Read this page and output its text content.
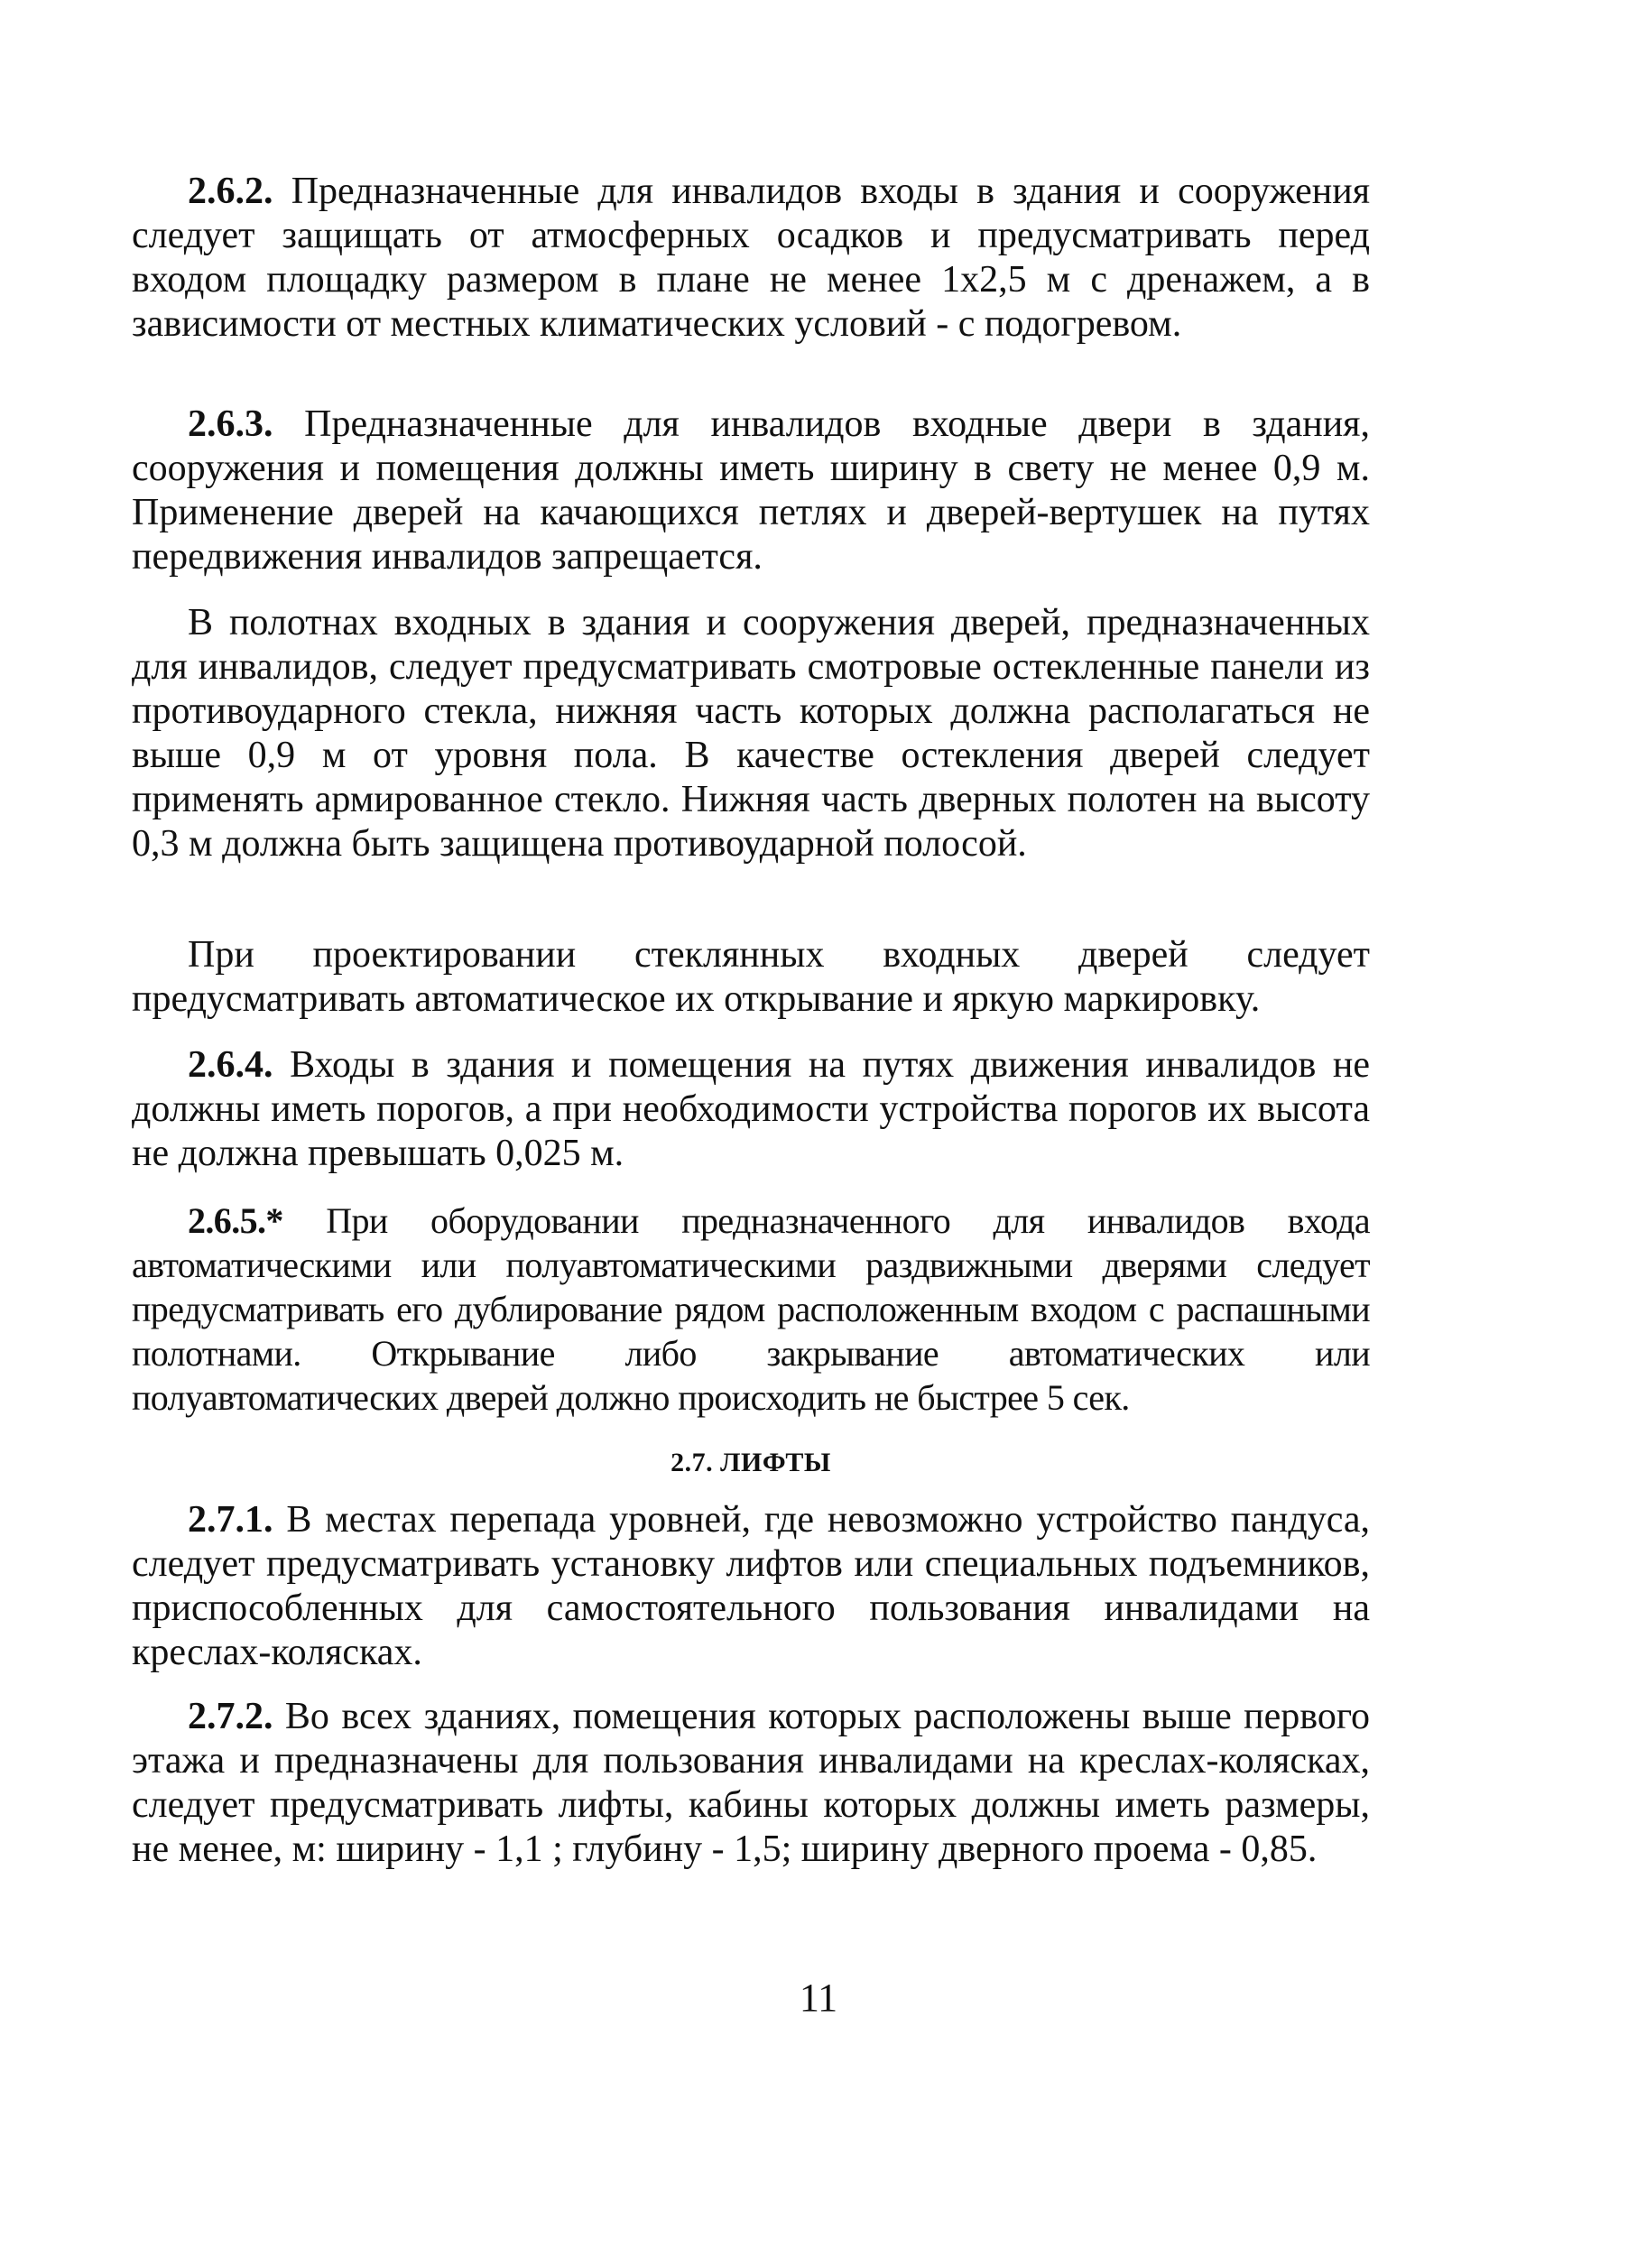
2.6.2. Предназначенные для инвалидов входы в здания и сооружения следует защищать от атмосферных осадков и предусматривать перед входом площадку размером в плане не менее 1х2,5 м с дренажем, а в зависимости от местных климатических условий - с подогревом.

2.6.3. Предназначенные для инвалидов входные двери в здания, сооружения и помещения должны иметь ширину в свету не менее 0,9 м. Применение дверей на качающихся петлях и дверей-вертушек на путях передвижения инвалидов запрещается.

В полотнах входных в здания и сооружения дверей, предназначенных для инвалидов, следует предусматривать смотровые остекленные панели из противоударного стекла, нижняя часть которых должна располагаться не выше 0,9 м от уровня пола. В качестве остекления дверей следует применять армированное стекло. Нижняя часть дверных полотен на высоту 0,3 м должна быть защищена противоударной полосой.

При проектировании стеклянных входных дверей следует предусматривать автоматическое их открывание и яркую маркировку.

2.6.4. Входы в здания и помещения на путях движения инвалидов не должны иметь порогов, а при необходимости устройства порогов их высота не должна превышать 0,025 м.

2.6.5.* При оборудовании предназначенного для инвалидов входа автоматическими или полуавтоматическими раздвижными дверями следует предусматривать его дублирование рядом расположенным входом с распашными полотнами. Открывание либо закрывание автоматических или полуавтоматических дверей должно происходить не быстрее 5 сек.

2.7. ЛИФТЫ

2.7.1. В местах перепада уровней, где невозможно устройство пандуса, следует предусматривать установку лифтов или специальных подъемников, приспособленных для самостоятельного пользования инвалидами на креслах-колясках.

2.7.2. Во всех зданиях, помещения которых расположены выше первого этажа и предназначены для пользования инвалидами на креслах-колясках, следует предусматривать лифты, кабины которых должны иметь размеры, не менее, м: ширину - 1,1 ; глубину - 1,5; ширину дверного проема - 0,85.

11
